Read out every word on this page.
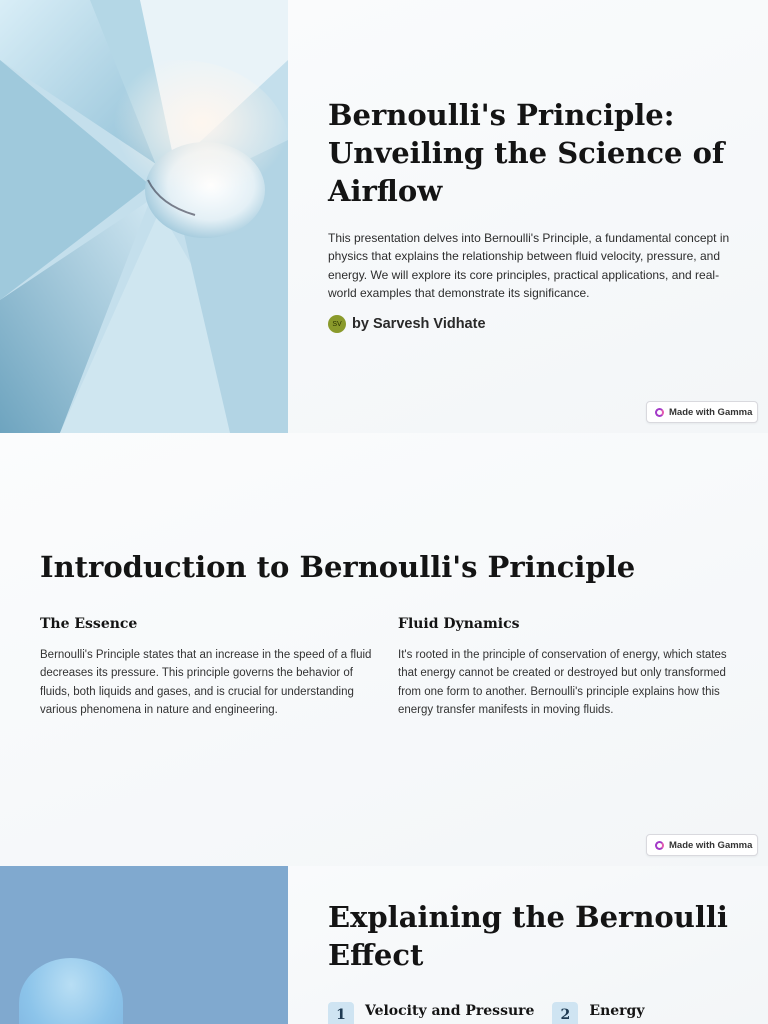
Bernoulli's Principle: Unveiling the Science of Airflow

This presentation delves into Bernoulli's Principle, a fundamental concept in physics that explains the relationship between fluid velocity, pressure, and energy. We will explore its core principles, practical applications, and real-world examples that demonstrate its significance.

SV by Sarvesh Vidhate
Made with Gamma
Introduction to Bernoulli's Principle
The Essence

Bernoulli's Principle states that an increase in the speed of a fluid decreases its pressure. This principle governs the behavior of fluids, both liquids and gases, and is crucial for understanding various phenomena in nature and engineering.

Fluid Dynamics

It's rooted in the principle of conservation of energy, which states that energy cannot be created or destroyed but only transformed from one form to another. Bernoulli's principle explains how this energy transfer manifests in moving fluids.

Made with Gamma
Explaining the Bernoulli Effect
1	Velocity and Pressure	2	Energy
